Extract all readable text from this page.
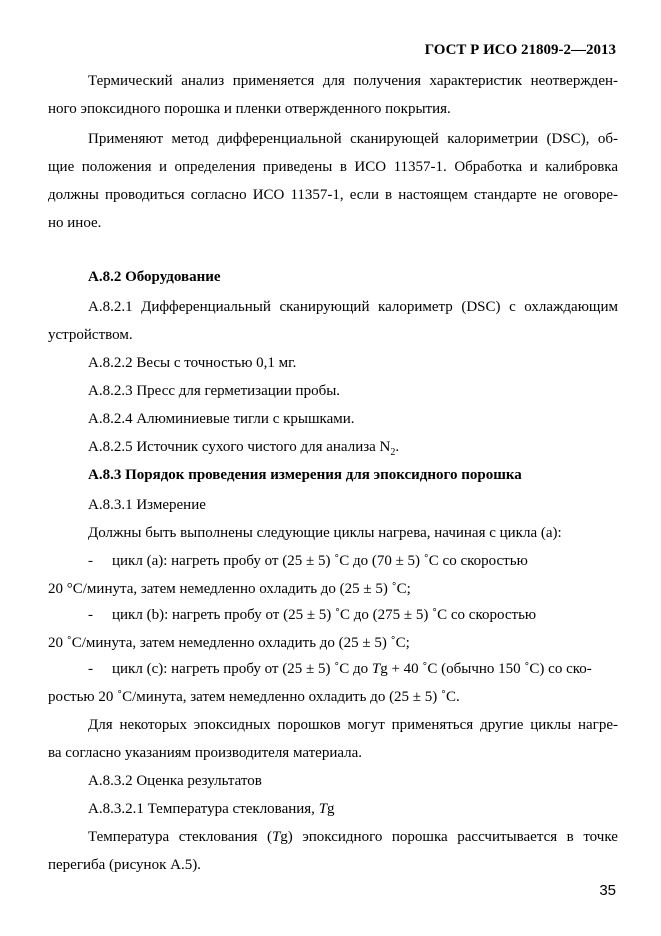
ГОСТ Р ИСО 21809-2—2013
Термический анализ применяется для получения характеристик неотвержден-
ного эпоксидного порошка и пленки отвержденного покрытия.
Применяют метод дифференциальной сканирующей калориметрии (DSC), об-
щие положения и определения приведены в ИСО 11357-1. Обработка и калибровка
должны проводиться согласно ИСО 11357-1, если в настоящем стандарте не оговоре-
но иное.
А.8.2 Оборудование
А.8.2.1 Дифференциальный сканирующий калориметр (DSC) с охлаждающим
устройством.
А.8.2.2 Весы с точностью 0,1 мг.
А.8.2.3 Пресс для герметизации пробы.
А.8.2.4 Алюминиевые тигли с крышками.
А.8.2.5 Источник сухого чистого для анализа $N_2$.
А.8.3 Порядок проведения измерения для эпоксидного порошка
А.8.3.1 Измерение
Должны быть выполнены следующие циклы нагрева, начиная с цикла (а):
- цикл (а): нагреть пробу от (25 ± 5) ˚С до (70 ± 5) ˚С со скоростью
20 °С/минута, затем немедленно охладить до (25 ± 5) ˚С;
- цикл (b): нагреть пробу от (25 ± 5) ˚С до (275 ± 5) ˚С со скоростью
20 ˚С/минута, затем немедленно охладить до (25 ± 5) ˚С;
- цикл (с): нагреть пробу от (25 ± 5) ˚С до Tg + 40 ˚С (обычно 150 ˚С) со ско-
ростью 20 ˚С/минута, затем немедленно охладить до (25 ± 5) ˚С.
Для некоторых эпоксидных порошков могут применяться другие циклы нагре-
ва согласно указаниям производителя материала.
А.8.3.2 Оценка результатов
А.8.3.2.1 Температура стеклования, Tg
Температура стеклования (Tg) эпоксидного порошка рассчитывается в точке
перегиба (рисунок А.5).
35
